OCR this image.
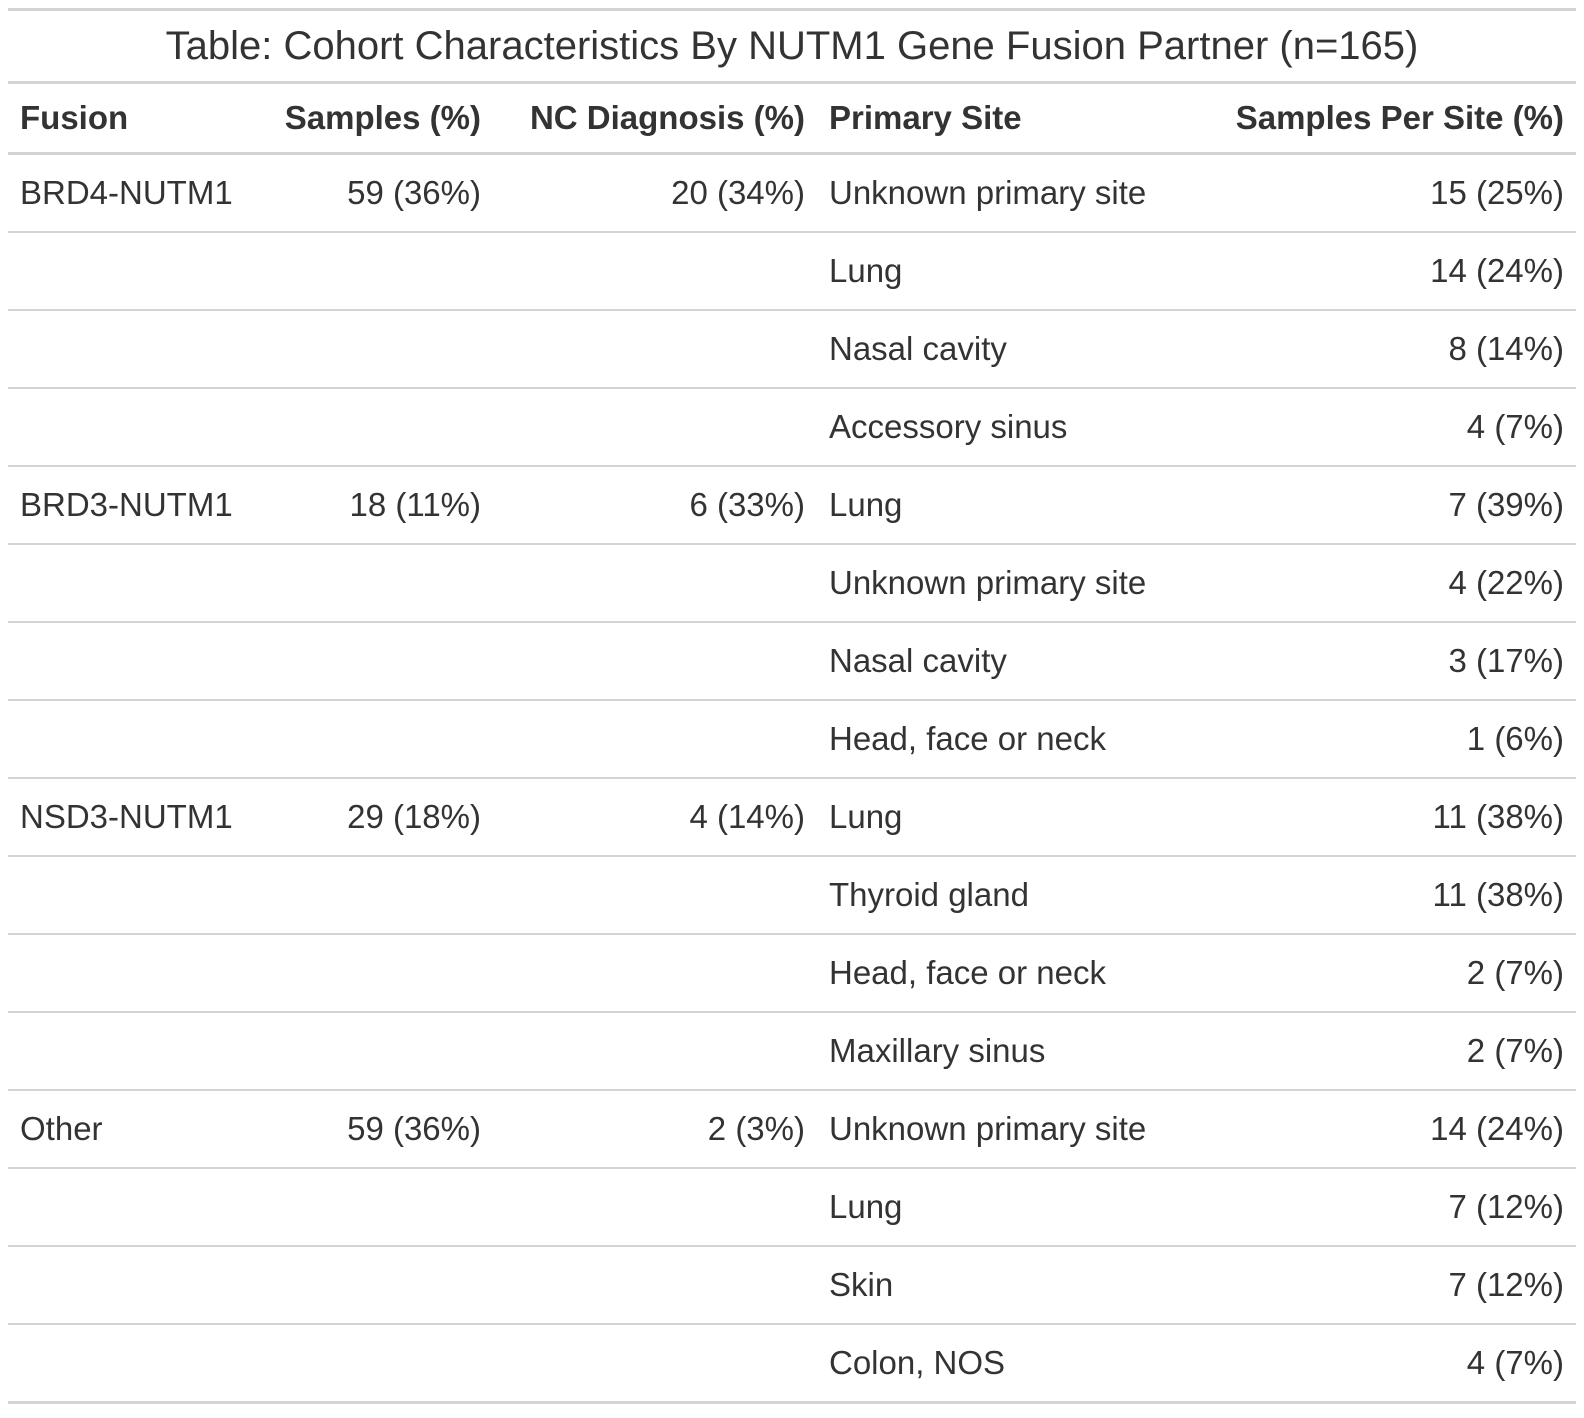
Table: Cohort Characteristics By NUTM1 Gene Fusion Partner (n=165)
Fusion	Samples (%)	NC Diagnosis (%)	Primary Site	Samples Per Site (%)
BRD4-NUTM1	59 (36%)	20 (34%)	Unknown primary site	15 (25%)
			Lung	14 (24%)
			Nasal cavity	8 (14%)
			Accessory sinus	4 (7%)
BRD3-NUTM1	18 (11%)	6 (33%)	Lung	7 (39%)
			Unknown primary site	4 (22%)
			Nasal cavity	3 (17%)
			Head, face or neck	1 (6%)
NSD3-NUTM1	29 (18%)	4 (14%)	Lung	11 (38%)
			Thyroid gland	11 (38%)
			Head, face or neck	2 (7%)
			Maxillary sinus	2 (7%)
Other	59 (36%)	2 (3%)	Unknown primary site	14 (24%)
			Lung	7 (12%)
			Skin	7 (12%)
			Colon, NOS	4 (7%)
